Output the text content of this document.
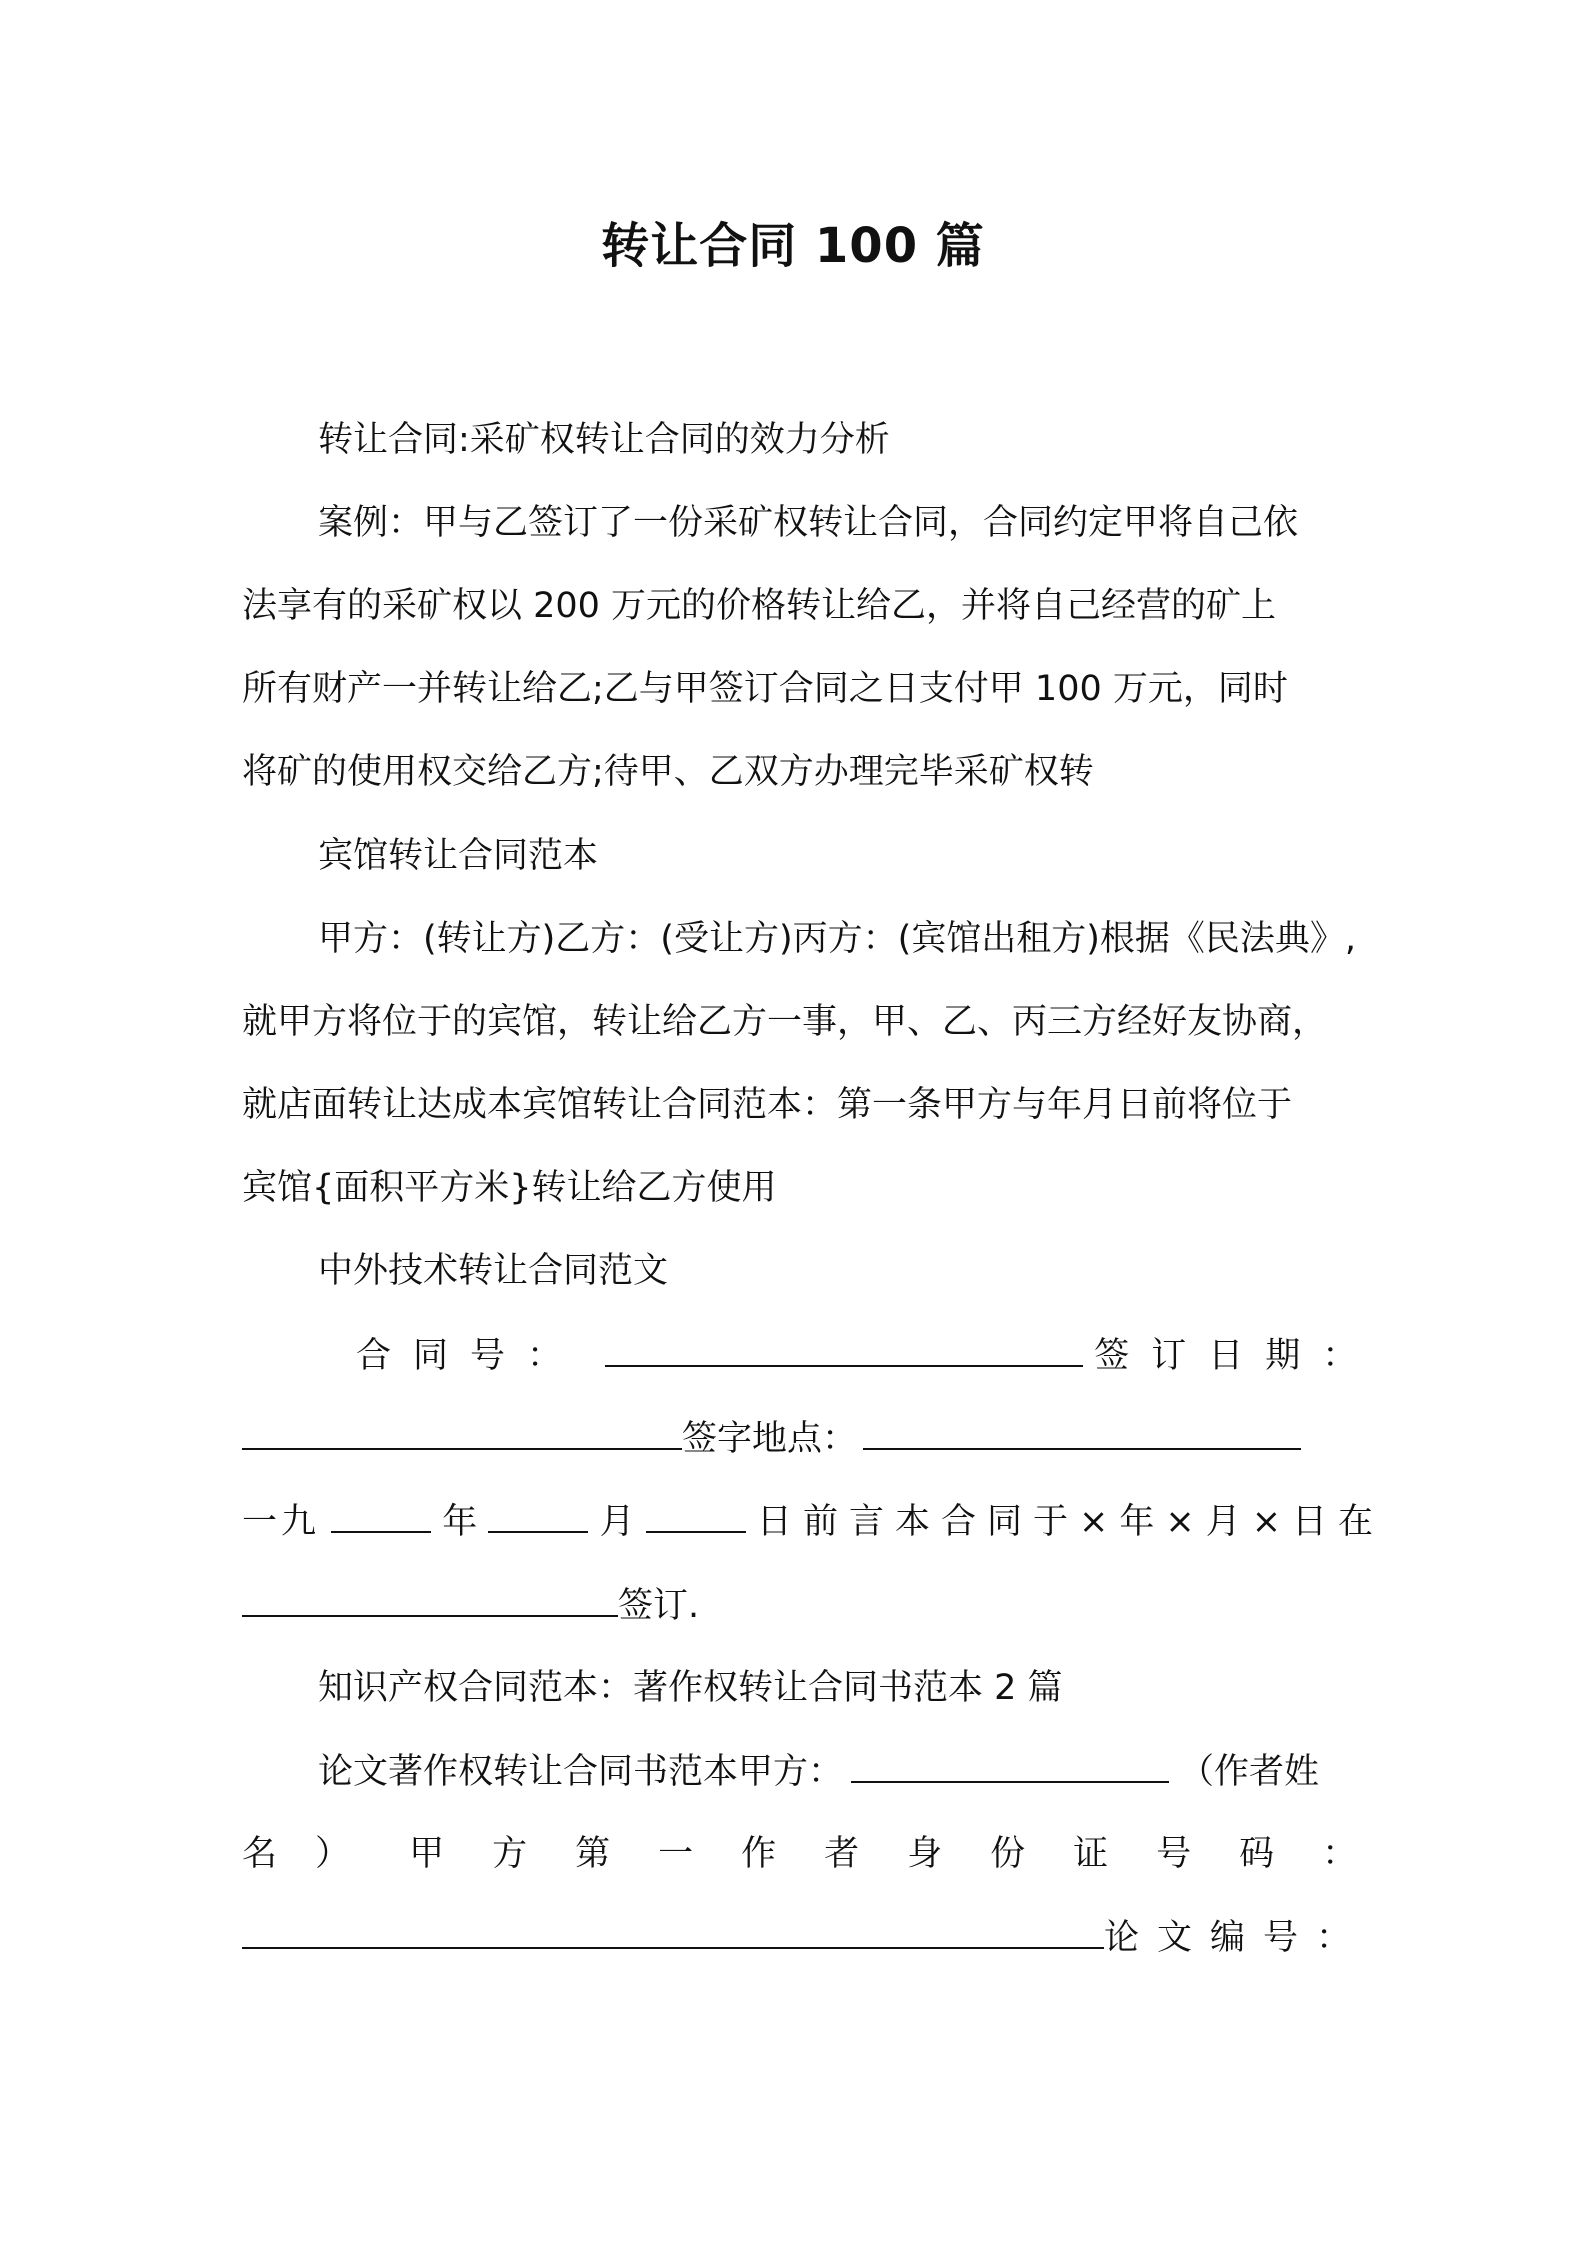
转让合同 100 篇
转让合同:采矿权转让合同的效力分析
案例：甲与乙签订了一份采矿权转让合同，合同约定甲将自己依
法享有的采矿权以 200 万元的价格转让给乙，并将自己经营的矿上
所有财产一并转让给乙;乙与甲签订合同之日支付甲 100 万元，同时
将矿的使用权交给乙方;待甲、乙双方办理完毕采矿权转
宾馆转让合同范本
甲方：(转让方)乙方：(受让方)丙方：(宾馆出租方)根据《民法典》,
就甲方将位于的宾馆，转让给乙方一事，甲、乙、丙三方经好友协商，
就店面转让达成本宾馆转让合同范本：第一条甲方与年月日前将位于
宾馆{面积平方米}转让给乙方使用
中外技术转让合同范文
合同号：	签订日期：
签字地点：
一九	年	月	日 前言本合同于×年×月×日在
签订.
知识产权合同范本：著作权转让合同书范本 2 篇
论文著作权转让合同书范本甲方：	（作者姓
名） 甲方第一作者身份证号码：
论文编号：
